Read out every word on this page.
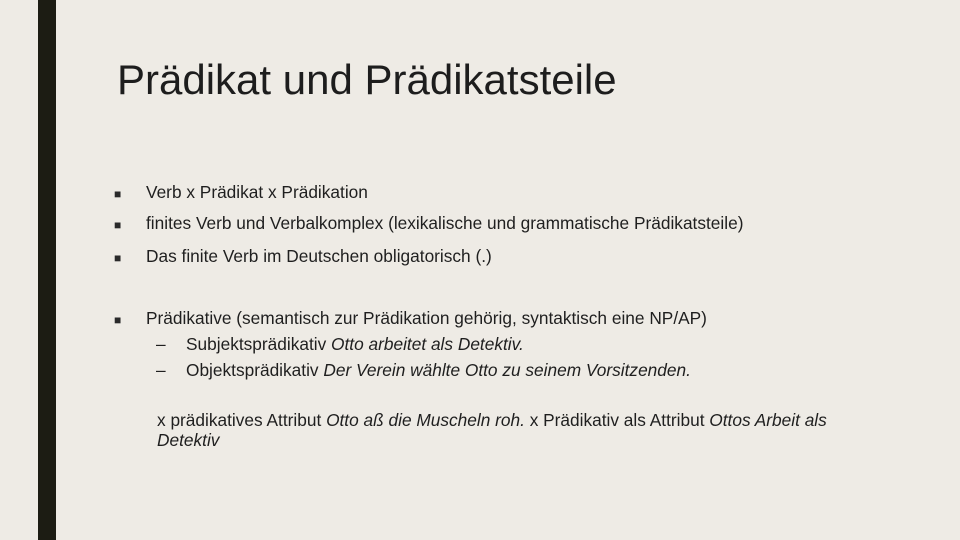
Prädikat und Prädikatsteile
■	Verb x Prädikat x Prädikation
■	finites Verb und Verbalkomplex (lexikalische und grammatische Prädikatsteile)
■	Das finite Verb im Deutschen obligatorisch (.)
■	Prädikative (semantisch zur Prädikation gehörig, syntaktisch eine NP/AP)
– Subjektsprädikativ Otto arbeitet als Detektiv.
– Objektsprädikativ Der Verein wählte Otto zu seinem Vorsitzenden.
x prädikatives Attribut Otto aß die Muscheln roh. x Prädikativ als Attribut Ottos Arbeit als Detektiv
